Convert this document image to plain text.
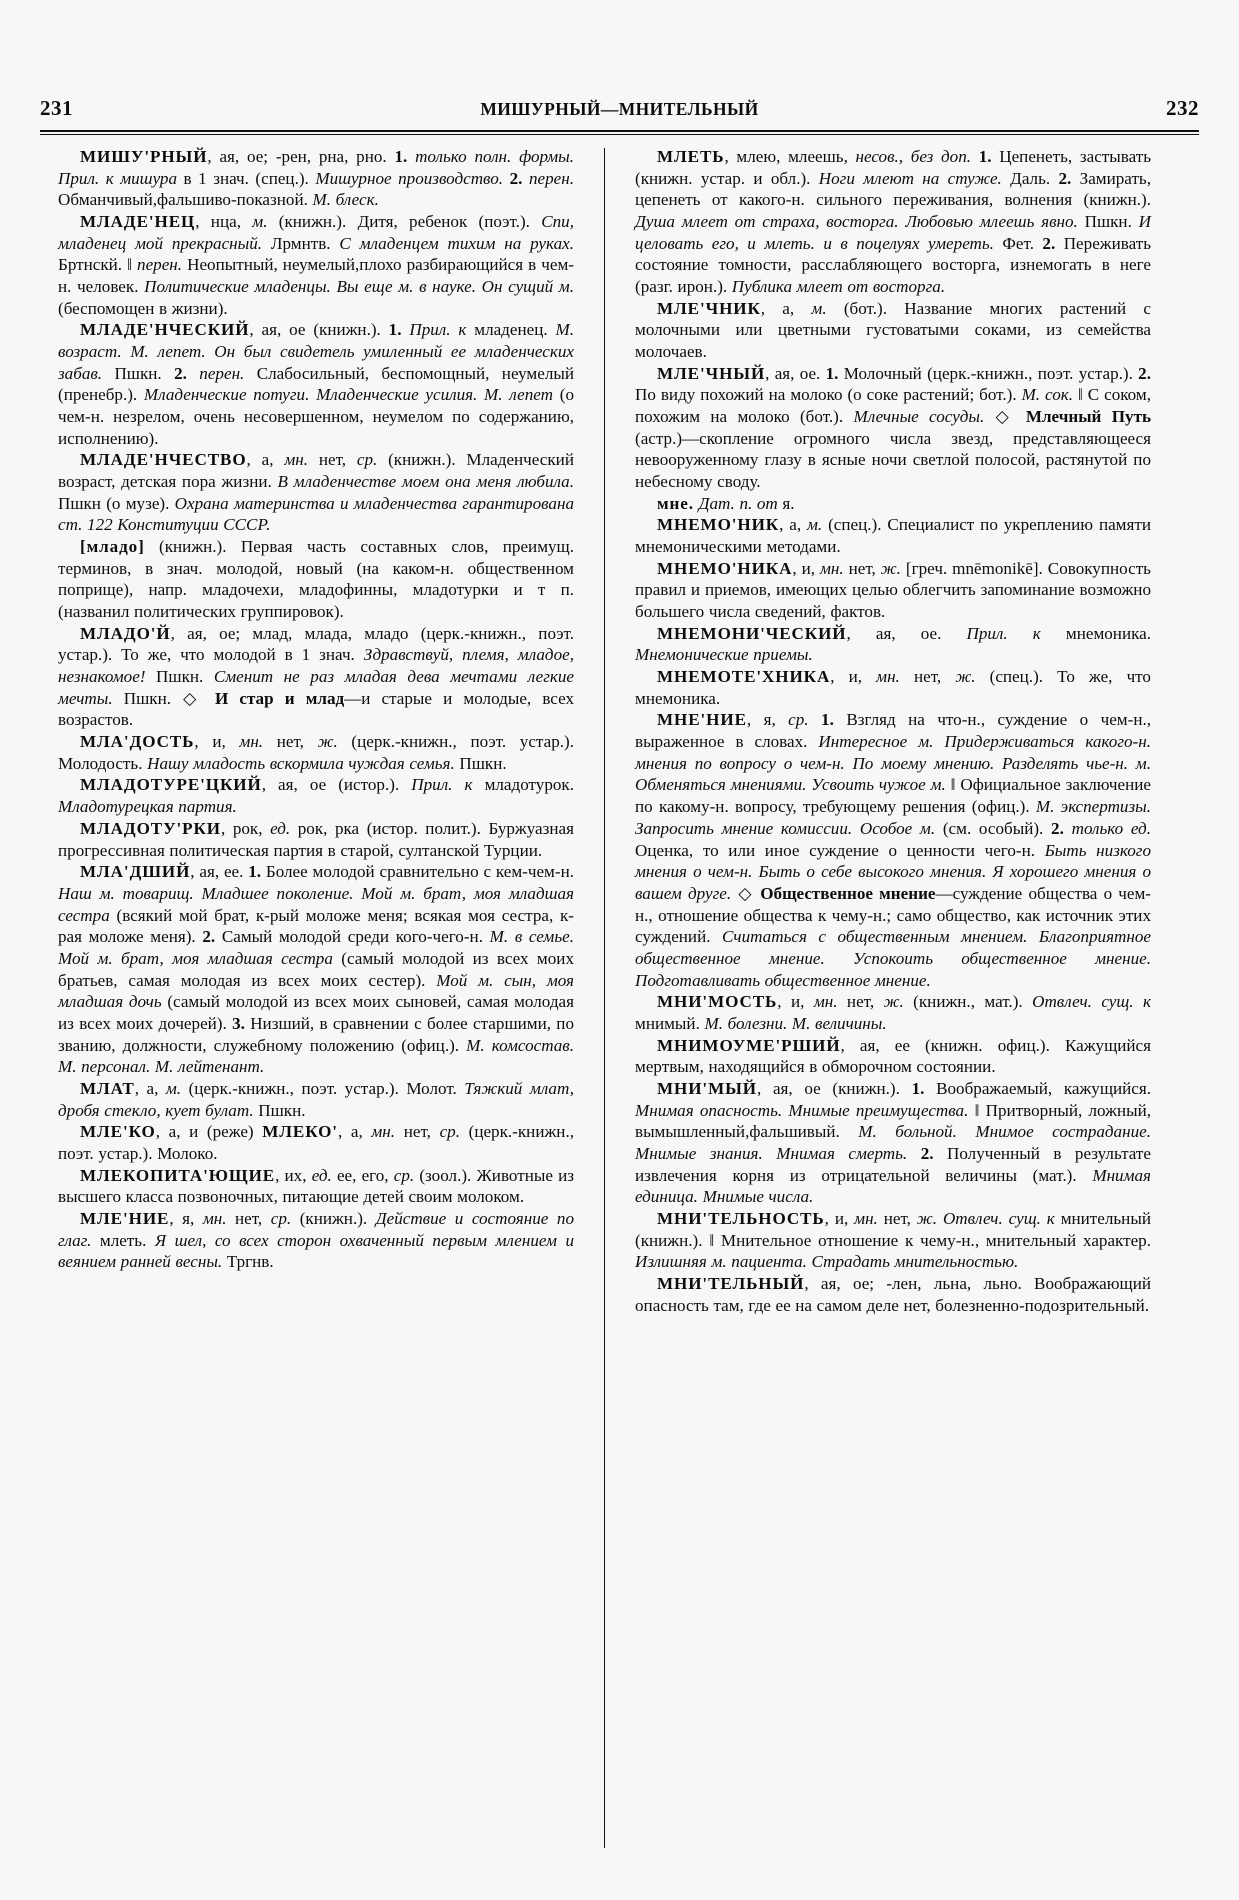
231	МИШУРНЫЙ—МНИТЕЛЬНЫЙ	232

МИШУ'РНЫЙ, ая, ое; -рен, рна, рно. 1. только полн. формы. Прил. к мишура в 1 знач. (спец.). Мишурное производство. 2. перен. Обманчивый,фальшиво-показной. М. блеск.

МЛАДЕ'НЕЦ, нца, м. (книжн.). Дитя, ребенок (поэт.). Спи, младенец мой прекрасный. Лрмнтв. С младенцем тихим на руках. Бртнскй. ‖ перен. Неопытный, неумелый,плохо разбирающийся в чем-н. человек. Политические младенцы. Вы еще м. в науке. Он сущий м. (беспомощен в жизни).

МЛАДЕ'НЧЕСКИЙ, ая, ое (книжн.). 1. Прил. к младенец. М. возраст. М. лепет. Он был свидетель умиленный ее младенческих забав. Пшкн. 2. перен. Слабосильный, беспомощный, неумелый (пренебр.). Младенческие потуги. Младенческие усилия. М. лепет (о чем-н. незрелом, очень несовершенном, неумелом по содержанию, исполнению).

МЛАДЕ'НЧЕСТВО, а, мн. нет, ср. (книжн.). Младенческий возраст, детская пора жизни. В младенчестве моем она меня любила. Пшкн (о музе). Охрана материнства и младенчества гарантирована ст. 122 Конституции СССР.

[младо] (книжн.). Первая часть составных слов, преимущ. терминов, в знач. молодой, новый (на каком-н. общественном поприще), напр. младочехи, младофинны, младотурки и т п. (названил политических группировок).

МЛАДО'Й, ая, ое; млад, млада, младо (церк.-книжн., поэт. устар.). То же, что молодой в 1 знач. Здравствуй, племя, младое, незнакомое! Пшкн. Сменит не раз младая дева мечтами легкие мечты. Пшкн. ◇ И стар и млад—и старые и молодые, всех возрастов.

МЛА'ДОСТЬ, и, мн. нет, ж. (церк.-книжн., поэт. устар.). Молодость. Нашу младость вскормила чуждая семья. Пшкн.

МЛАДОТУРЕ'ЦКИЙ, ая, ое (истор.). Прил. к младотурок. Младотурецкая партия.

МЛАДОТУ'РКИ, рок, ед. рок, рка (истор. полит.). Буржуазная прогрессивная политическая партия в старой, султанской Турции.

МЛА'ДШИЙ, ая, ее. 1. Более молодой сравнительно с кем-чем-н. Наш м. товарищ. Младшее поколение. Мой м. брат, моя младшая сестра (всякий мой брат, к-рый моложе меня; всякая моя сестра, к-рая моложе меня). 2. Самый молодой среди кого-чего-н. М. в семье. Мой м. брат, моя младшая сестра (самый молодой из всех моих братьев, самая молодая из всех моих сестер). Мой м. сын, моя младшая дочь (самый молодой из всех моих сыновей, самая молодая из всех моих дочерей). 3. Низший, в сравнении с более старшими, по званию, должности, служебному положению (офиц.). М. комсостав. М. персонал. М. лейтенант.

МЛАТ, а, м. (церк.-книжн., поэт. устар.). Молот. Тяжкий млат, дробя стекло, кует булат. Пшкн.

МЛЕ'КО, а, и (реже) МЛЕКО', а, мн. нет, ср. (церк.-книжн., поэт. устар.). Молоко.

МЛЕКОПИТА'ЮЩИЕ, их, ед. ее, его, ср. (зоол.). Животные из высшего класса позвоночных, питающие детей своим молоком.

МЛЕ'НИЕ, я, мн. нет, ср. (книжн.). Действие и состояние по глаг. млеть. Я шел, со всех сторон охваченный первым млением и веянием ранней весны. Тргнв.

МЛЕТЬ, млею, млеешь, несов., без доп. 1. Цепенеть, застывать (книжн. устар. и обл.). Ноги млеют на стуже. Даль. 2. Замирать, цепенеть от какого-н. сильного переживания, волнения (книжн.). Душа млеет от страха, восторга. Любовью млеешь явно. Пшкн. И целовать его, и млеть. и в поцелуях умереть. Фет. 2. Переживать состояние томности, расслабляющего восторга, изнемогать в неге (разг. ирон.). Публика млеет от восторга.

МЛЕ'ЧНИК, а, м. (бот.). Название многих растений с молочными или цветными густоватыми соками, из семейства молочаев.

МЛЕ'ЧНЫЙ, ая, ое. 1. Молочный (церк.-книжн., поэт. устар.). 2. По виду похожий на молоко (о соке растений; бот.). М. сок. ‖ С соком, похожим на молоко (бот.). Млечные сосуды. ◇ Млечный Путь (астр.)—скопление огромного числа звезд, представляющееся невооруженному глазу в ясные ночи светлой полосой, растянутой по небесному своду.

мне. Дат. п. от я.

МНЕМО'НИК, а, м. (спец.). Специалист по укреплению памяти мнемоническими методами.

МНЕМО'НИКА, и, мн. нет, ж. [греч. mnēmonikē]. Совокупность правил и приемов, имеющих целью облегчить запоминание возможно большего числа сведений, фактов.

МНЕМОНИ'ЧЕСКИЙ, ая, ое. Прил. к мнемоника. Мнемонические приемы.

МНЕМОТЕ'ХНИКА, и, мн. нет, ж. (спец.). То же, что мнемоника.

МНЕ'НИЕ, я, ср. 1. Взгляд на что-н., суждение о чем-н., выраженное в словах. Интересное м. Придерживаться какого-н. мнения по вопросу о чем-н. По моему мнению. Разделять чье-н. м. Обменяться мнениями. Усвоить чужое м. ‖ Официальное заключение по какому-н. вопросу, требующему решения (офиц.). М. экспертизы. Запросить мнение комиссии. Особое м. (см. особый). 2. только ед. Оценка, то или иное суждение о ценности чего-н. Быть низкого мнения о чем-н. Быть о себе высокого мнения. Я хорошего мнения о вашем друге. ◇ Общественное мнение—суждение общества о чем-н., отношение общества к чему-н.; само общество, как источник этих суждений. Считаться с общественным мнением. Благоприятное общественное мнение. Успокоить общественное мнение. Подготавливать общественное мнение.

МНИ'МОСТЬ, и, мн. нет, ж. (книжн., мат.). Отвлеч. сущ. к мнимый. М. болезни. М. величины.

МНИМОУМЕ'РШИЙ, ая, ее (книжн. офиц.). Кажущийся мертвым, находящийся в обморочном состоянии.

МНИ'МЫЙ, ая, ое (книжн.). 1. Воображаемый, кажущийся. Мнимая опасность. Мнимые преимущества. ‖ Притворный, ложный, вымышленный,фальшивый. М. больной. Мнимое сострадание. Мнимые знания. Мнимая смерть. 2. Полученный в результате извлечения корня из отрицательной величины (мат.). Мнимая единица. Мнимые числа.

МНИ'ТЕЛЬНОСТЬ, и, мн. нет, ж. Отвлеч. сущ. к мнительный (книжн.). ‖ Мнительное отношение к чему-н., мнительный характер. Излишняя м. пациента. Страдать мнительностью.

МНИ'ТЕЛЬНЫЙ, ая, ое; -лен, льна, льно. Воображающий опасность там, где ее на самом деле нет, болезненно-подозрительный.
